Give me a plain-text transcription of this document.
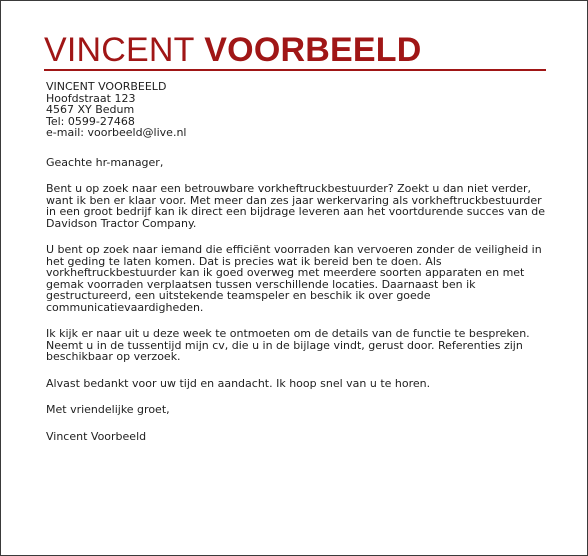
VINCENT VOORBEELD
VINCENT VOORBEELD
Hoofdstraat 123
4567 XY Bedum
Tel: 0599-27468
e-mail: voorbeeld@live.nl

Geachte hr-manager,

Bent u op zoek naar een betrouwbare vorkheftruckbestuurder? Zoekt u dan niet verder, want ik ben er klaar voor. Met meer dan zes jaar werkervaring als vorkheftruckbestuurder in een groot bedrijf kan ik direct een bijdrage leveren aan het voortdurende succes van de Davidson Tractor Company.

U bent op zoek naar iemand die efficiënt voorraden kan vervoeren zonder de veiligheid in het geding te laten komen. Dat is precies wat ik bereid ben te doen. Als vorkheftruckbestuurder kan ik goed overweg met meerdere soorten apparaten en met gemak voorraden verplaatsen tussen verschillende locaties. Daarnaast ben ik gestructureerd, een uitstekende teamspeler en beschik ik over goede communicatievaardigheden.

Ik kijk er naar uit u deze week te ontmoeten om de details van de functie te bespreken. Neemt u in de tussentijd mijn cv, die u in de bijlage vindt, gerust door. Referenties zijn beschikbaar op verzoek.

Alvast bedankt voor uw tijd en aandacht. Ik hoop snel van u te horen.

Met vriendelijke groet,

Vincent Voorbeeld
